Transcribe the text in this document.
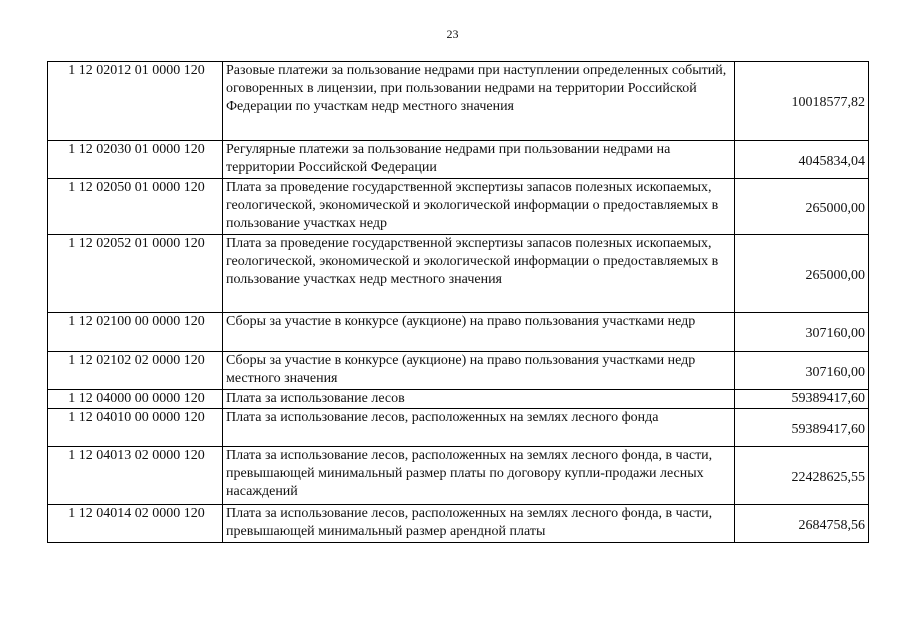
23
1 12 02012 01 0000 120	Разовые платежи за пользование недрами при наступлении определенных событий, оговоренных в лицензии, при пользовании недрами на территории Российской Федерации по участкам недр местного значения	10018577,82
1 12 02030 01 0000 120	Регулярные платежи за пользование недрами при пользовании недрами на территории Российской Федерации	4045834,04
1 12 02050 01 0000 120	Плата за проведение государственной экспертизы запасов полезных ископаемых, геологической, экономической и экологической информации о предоставляемых в пользование участках недр	265000,00
1 12 02052 01 0000 120	Плата за проведение государственной экспертизы запасов полезных ископаемых, геологической, экономической и экологической информации о предоставляемых в пользование участках недр местного значения	265000,00
1 12 02100 00 0000 120	Сборы за участие в конкурсе (аукционе) на право пользования участками недр	307160,00
1 12 02102 02 0000 120	Сборы за участие в конкурсе (аукционе) на право пользования участками недр местного значения	307160,00
1 12 04000 00 0000 120	Плата за использование лесов	59389417,60
1 12 04010 00 0000 120	Плата за использование лесов, расположенных на землях лесного фонда	59389417,60
1 12 04013 02 0000 120	Плата за использование лесов, расположенных на землях лесного фонда, в части, превышающей минимальный размер платы по договору купли-продажи лесных насаждений	22428625,55
1 12 04014 02 0000 120	Плата за использование лесов, расположенных на землях лесного фонда, в части, превышающей минимальный размер арендной платы	2684758,56
